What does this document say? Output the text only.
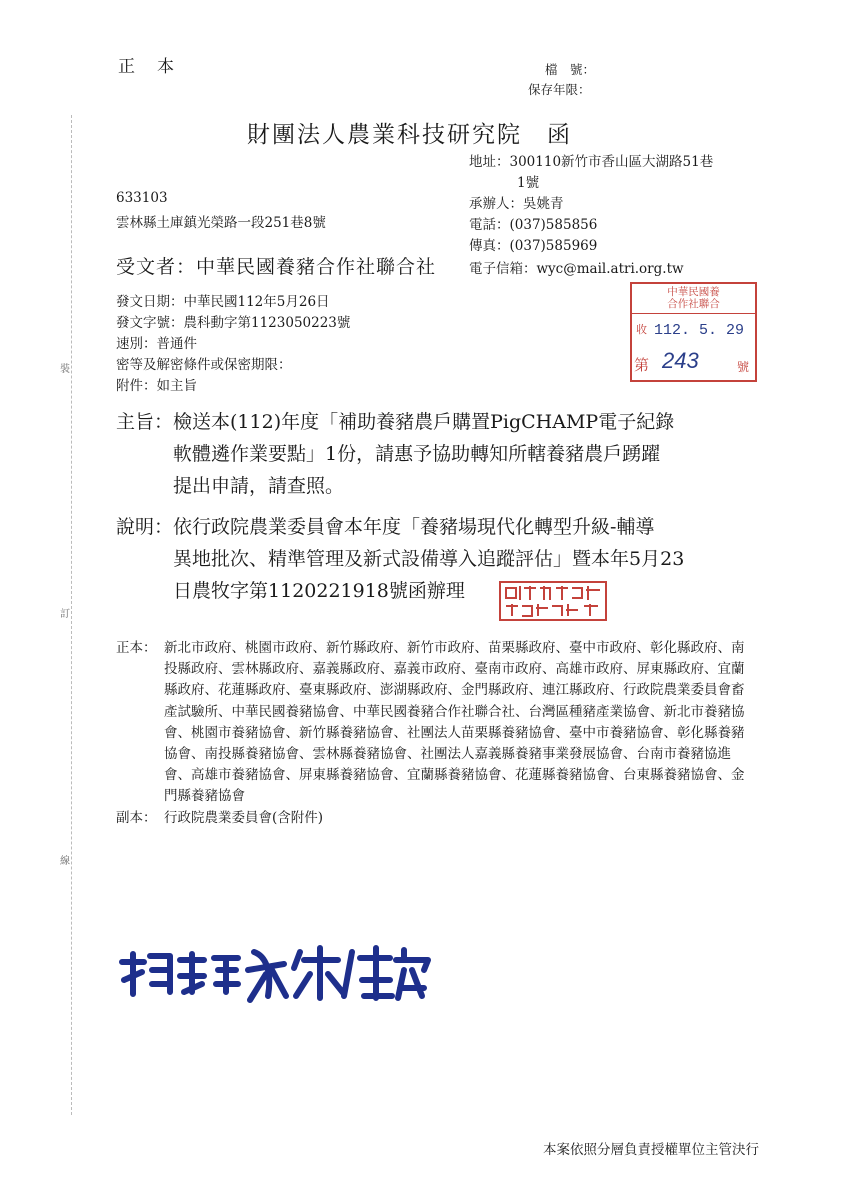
正本	檔　號：
保存年限：
財團法人農業科技研究院　函
地址：300110新竹市香山區大湖路51巷
1號
承辦人：吳姚青
電話：(037)585856
傳真：(037)585969
633103
雲林縣土庫鎮光榮路一段251巷8號
受文者：中華民國養豬合作社聯合社 電子信箱：wyc@mail.atri.org.tw
發文日期：中華民國112年5月26日
發文字號：農科動字第1123050223號
速別：普通件
密等及解密條件或保密期限：
附件：如主旨
中華民國養
合作社聯合
收 112. 5. 29
第 243	號
主旨： 檢送本(112)年度「補助養豬農戶購置PigCHAMP電子紀錄
軟體遴作業要點」1份，請惠予協助轉知所轄養豬農戶踴躍
提出申請，請查照。
說明： 依行政院農業委員會本年度「養豬場現代化轉型升級-輔導
異地批次、精準管理及新式設備導入追蹤評估」暨本年5月23
日農牧字第1120221918號函辦理
正本： 新北市政府、桃園市政府、新竹縣政府、新竹市政府、苗栗縣政府、臺中市政府、彰化縣政府、南投縣政府、雲林縣政府、嘉義縣政府、嘉義市政府、臺南市政府、高雄市政府、屏東縣政府、宜蘭縣政府、花蓮縣政府、臺東縣政府、澎湖縣政府、金門縣政府、連江縣政府、行政院農業委員會畜產試驗所、中華民國養豬協會、中華民國養豬合作社聯合社、台灣區種豬產業協會、新北市養豬協會、桃園市養豬協會、新竹縣養豬協會、社團法人苗栗縣養豬協會、臺中市養豬協會、彰化縣養豬協會、南投縣養豬協會、雲林縣養豬協會、社團法人嘉義縣養豬事業發展協會、台南市養豬協進會、高雄市養豬協會、屏東縣養豬協會、宜蘭縣養豬協會、花蓮縣養豬協會、台東縣養豬協會、金門縣養豬協會
副本： 行政院農業委員會(含附件)
裝
訂
線
本案依照分層負責授權單位主管決行
